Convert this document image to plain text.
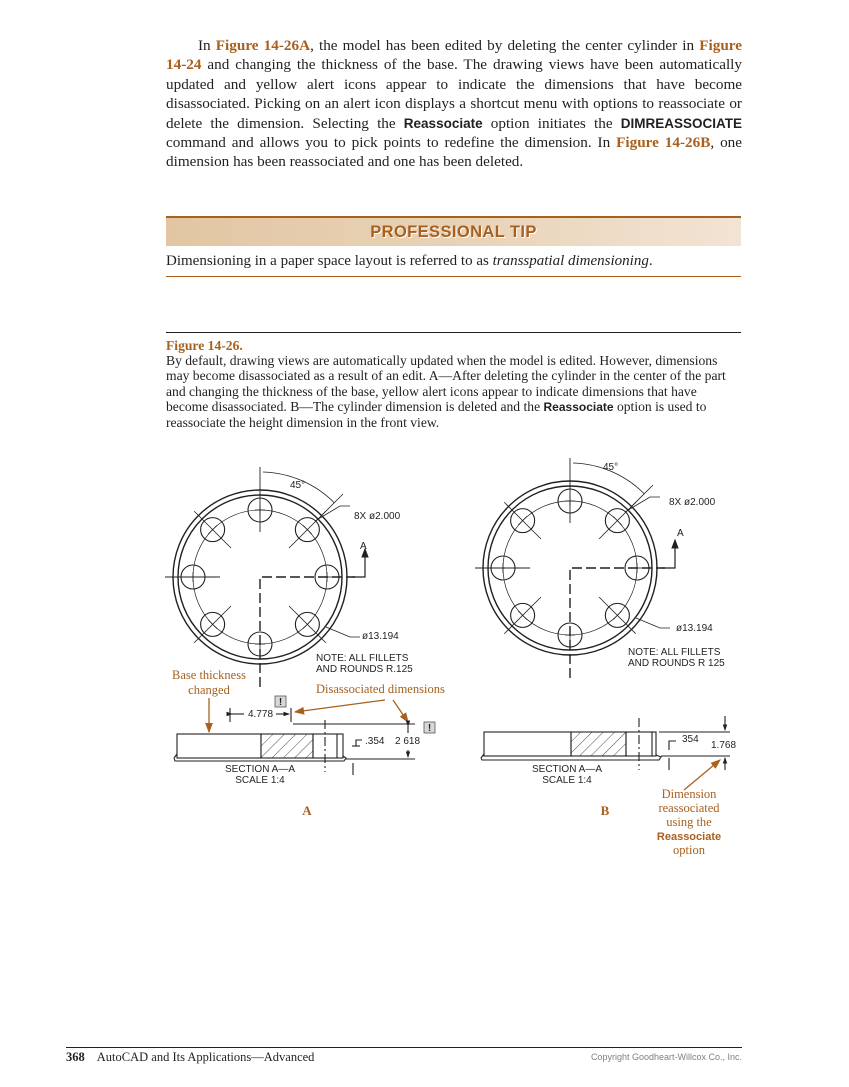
In Figure 14-26A, the model has been edited by deleting the center cylinder in Figure 14-24 and changing the thickness of the base. The drawing views have been automatically updated and yellow alert icons appear to indicate the dimensions that have become disassociated. Picking on an alert icon displays a shortcut menu with options to reassociate or delete the dimension. Selecting the Reassociate option initiates the DIMREASSOCIATE command and allows you to pick points to redefine the dimension. In Figure 14-26B, one dimension has been reassociated and one has been deleted.
PROFESSIONAL TIP
Dimensioning in a paper space layout is referred to as transspatial dimensioning.
Figure 14-26.
By default, drawing views are automatically updated when the model is edited. However, dimensions may become disassociated as a result of an edit. A—After deleting the cylinder in the center of the part and changing the thickness of the base, yellow alert icons appear to indicate dimensions that have become disassociated. B—The cylinder dimension is deleted and the Reassociate option is used to reassociate the height dimension in the front view.
45°
8X ø2.000
A
ø13.194
NOTE: ALL FILLETS
AND ROUNDS R.125
Base thickness
changed	Disassociated dimensions
4.778
.354 2 618
!
!
SECTION A—A
SCALE 1:4
A
45°
8X ø2.000
A
ø13.194
NOTE: ALL FILLETS
AND ROUNDS R 125
354
1.768
SECTION A—A
SCALE 1:4
B
Dimension
reassociated
using the
Reassociate
option
368 AutoCAD and Its Applications—Advanced	Copyright Goodheart-Willcox Co., Inc.
